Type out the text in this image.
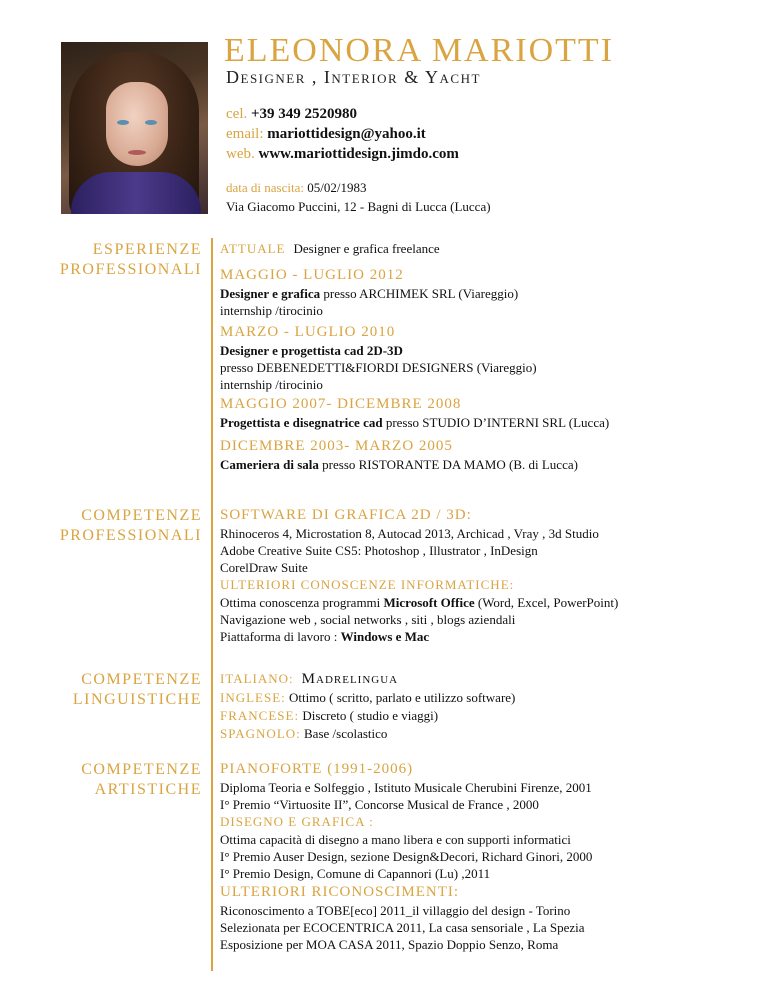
ELEONORA MARIOTTI
Designer , Interior & Yacht
cel. +39 349 2520980
email: mariottidesign@yahoo.it
web. www.mariottidesign.jimdo.com
data di nascita: 05/02/1983
Via Giacomo Puccini, 12 - Bagni di Lucca (Lucca)
ESPERIENZE
PROFESSIONALI
ATTUALE Designer e grafica freelance
MAGGIO - LUGLIO 2012
Designer e grafica presso ARCHIMEK SRL (Viareggio)
internship /tirocinio
MARZO - LUGLIO 2010
Designer e progettista cad 2D-3D
presso DEBENEDETTI&FIORDI DESIGNERS (Viareggio)
internship /tirocinio
MAGGIO 2007- DICEMBRE 2008
Progettista e disegnatrice cad presso STUDIO D’INTERNI SRL (Lucca)
DICEMBRE 2003- MARZO 2005
Cameriera di sala presso RISTORANTE DA MAMO (B. di Lucca)
COMPETENZE
PROFESSIONALI
SOFTWARE DI GRAFICA 2D / 3D:
Rhinoceros 4, Microstation 8, Autocad 2013, Archicad , Vray , 3d Studio
Adobe Creative Suite CS5: Photoshop , Illustrator , InDesign
CorelDraw Suite
ULTERIORI CONOSCENZE INFORMATICHE:
Ottima conoscenza programmi Microsoft Office (Word, Excel, PowerPoint)
Navigazione web , social networks , siti , blogs aziendali
Piattaforma di lavoro : Windows e Mac
COMPETENZE
LINGUISTICHE
ITALIANO: Madrelingua
INGLESE: Ottimo ( scritto, parlato e utilizzo software)
FRANCESE: Discreto ( studio e viaggi)
SPAGNOLO: Base /scolastico
COMPETENZE
ARTISTICHE
PIANOFORTE (1991-2006)
Diploma Teoria e Solfeggio , Istituto Musicale Cherubini Firenze, 2001
I° Premio “Virtuosite II”, Concorse Musical de France , 2000
DISEGNO E GRAFICA :
Ottima capacità di disegno a mano libera e con supporti informatici
I° Premio Auser Design, sezione Design&Decori, Richard Ginori, 2000
I° Premio Design, Comune di Capannori (Lu) ,2011
ULTERIORI RICONOSCIMENTI:
Riconoscimento a TOBE[eco] 2011_il villaggio del design - Torino
Selezionata per ECOCENTRICA 2011, La casa sensoriale , La Spezia
Esposizione per MOA CASA 2011, Spazio Doppio Senzo, Roma
